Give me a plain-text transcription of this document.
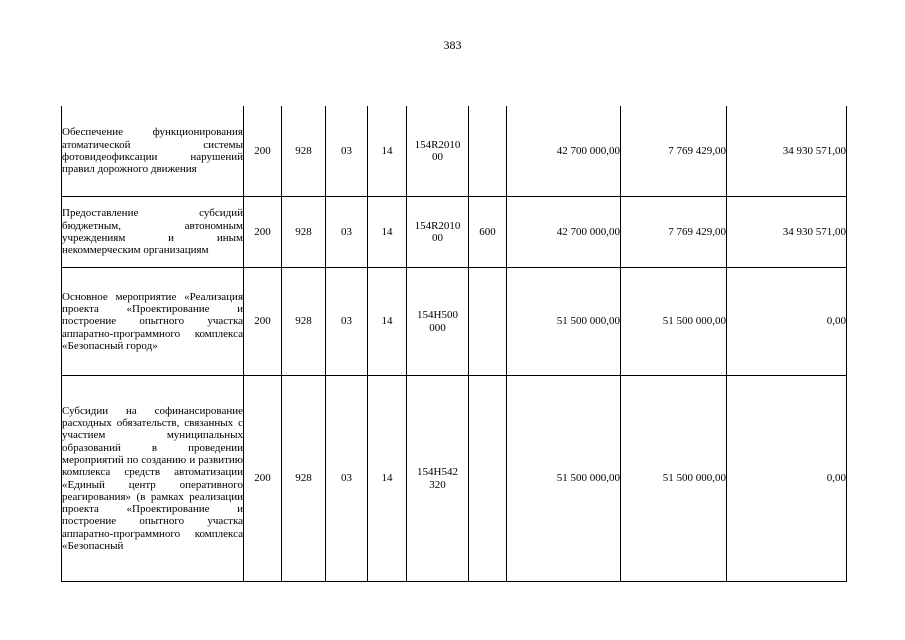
383
Обеспечение функционирования атоматической системы фотовидеофиксации нарушений правил дорожного движения	200	928	03	14	154R201000		42 700 000,00	7 769 429,00	34 930 571,00
Предоставление субсидий бюджетным, автономным учреждениям и иным некоммерческим организациям	200	928	03	14	154R201000	600	42 700 000,00	7 769 429,00	34 930 571,00
Основное мероприятие «Реализация проекта «Проектирование и построение опытного участка аппаратно-программного комплекса «Безопасный город»	200	928	03	14	154H500000		51 500 000,00	51 500 000,00	0,00
Субсидии на софинансирование расходных обязательств, связанных с участием муниципальных образований в проведении мероприятий по созданию и развитию комплекса средств автоматизации «Единый центр оперативного реагирования» (в рамках реализации проекта «Проектирование и построение опытного участка аппаратно-программного комплекса «Безопасный	200	928	03	14	154H542320		51 500 000,00	51 500 000,00	0,00
